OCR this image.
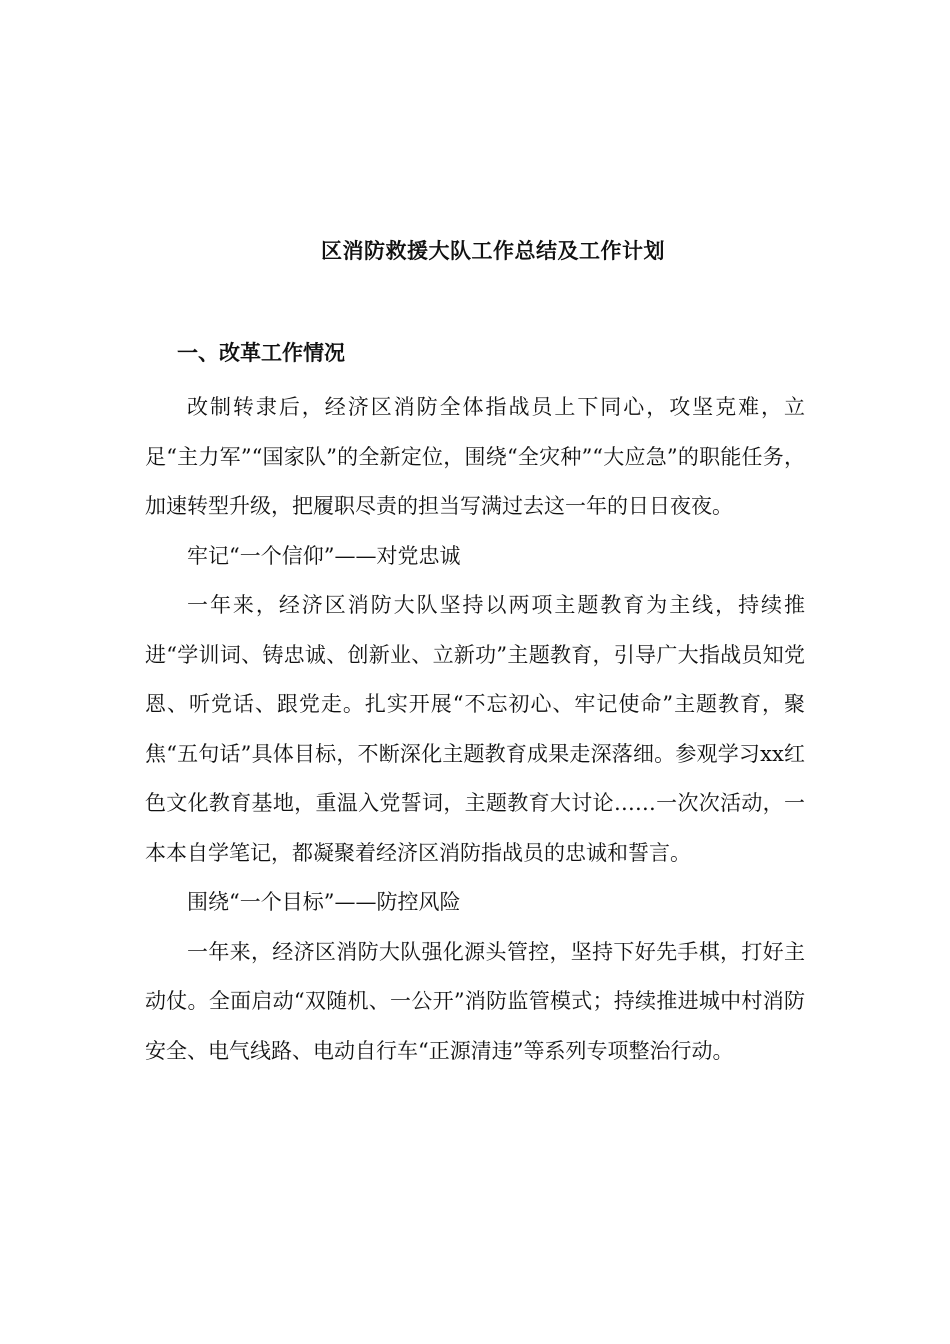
区消防救援大队工作总结及工作计划
一、改革工作情况

改制转隶后，经济区消防全体指战员上下同心，攻坚克难，立足“主力军”“国家队”的全新定位，围绕“全灾种”“大应急”的职能任务，加速转型升级，把履职尽责的担当写满过去这一年的日日夜夜。

牢记“一个信仰”——对党忠诚

一年来，经济区消防大队坚持以两项主题教育为主线，持续推进“学训词、铸忠诚、创新业、立新功”主题教育，引导广大指战员知党恩、听党话、跟党走。扎实开展“不忘初心、牢记使命”主题教育，聚焦“五句话”具体目标，不断深化主题教育成果走深落细。参观学习xx红色文化教育基地，重温入党誓词，主题教育大讨论……一次次活动，一本本自学笔记，都凝聚着经济区消防指战员的忠诚和誓言。

围绕“一个目标”——防控风险

一年来，经济区消防大队强化源头管控，坚持下好先手棋，打好主动仗。全面启动“双随机、一公开”消防监管模式；持续推进城中村消防安全、电气线路、电动自行车“正源清违”等系列专项整治行动。
